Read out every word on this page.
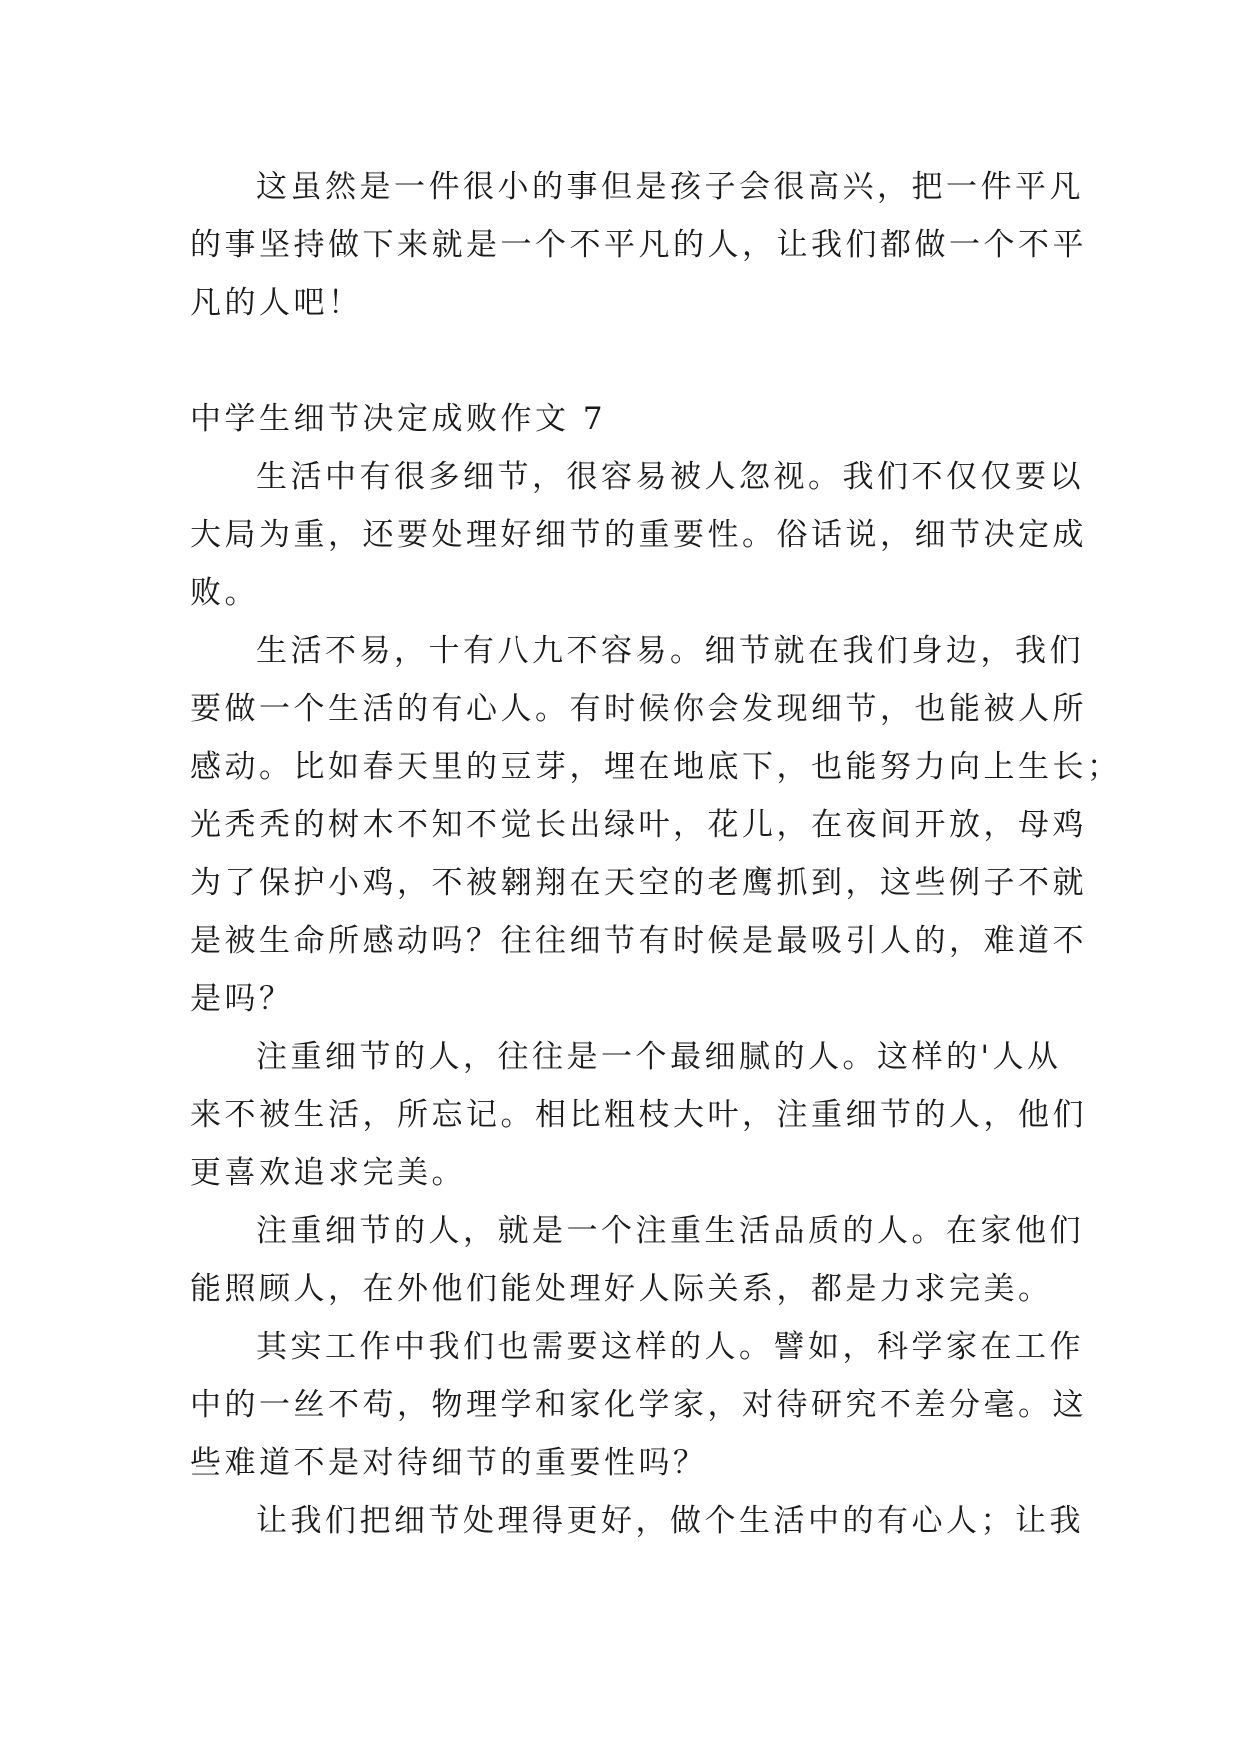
这虽然是一件很小的事但是孩子会很高兴，把一件平凡
的事坚持做下来就是一个不平凡的人，让我们都做一个不平
凡的人吧！

中学生细节决定成败作文 7

生活中有很多细节，很容易被人忽视。我们不仅仅要以
大局为重，还要处理好细节的重要性。俗话说，细节决定成
败。

生活不易，十有八九不容易。细节就在我们身边，我们
要做一个生活的有心人。有时候你会发现细节，也能被人所
感动。比如春天里的豆芽，埋在地底下，也能努力向上生长；
光秃秃的树木不知不觉长出绿叶，花儿，在夜间开放，母鸡
为了保护小鸡，不被翱翔在天空的老鹰抓到，这些例子不就
是被生命所感动吗？往往细节有时候是最吸引人的，难道不
是吗？

注重细节的人，往往是一个最细腻的人。这样的'人从
来不被生活，所忘记。相比粗枝大叶，注重细节的人，他们
更喜欢追求完美。

注重细节的人，就是一个注重生活品质的人。在家他们
能照顾人，在外他们能处理好人际关系，都是力求完美。

其实工作中我们也需要这样的人。譬如，科学家在工作
中的一丝不苟，物理学和家化学家，对待研究不差分毫。这
些难道不是对待细节的重要性吗？

让我们把细节处理得更好，做个生活中的有心人；让我
